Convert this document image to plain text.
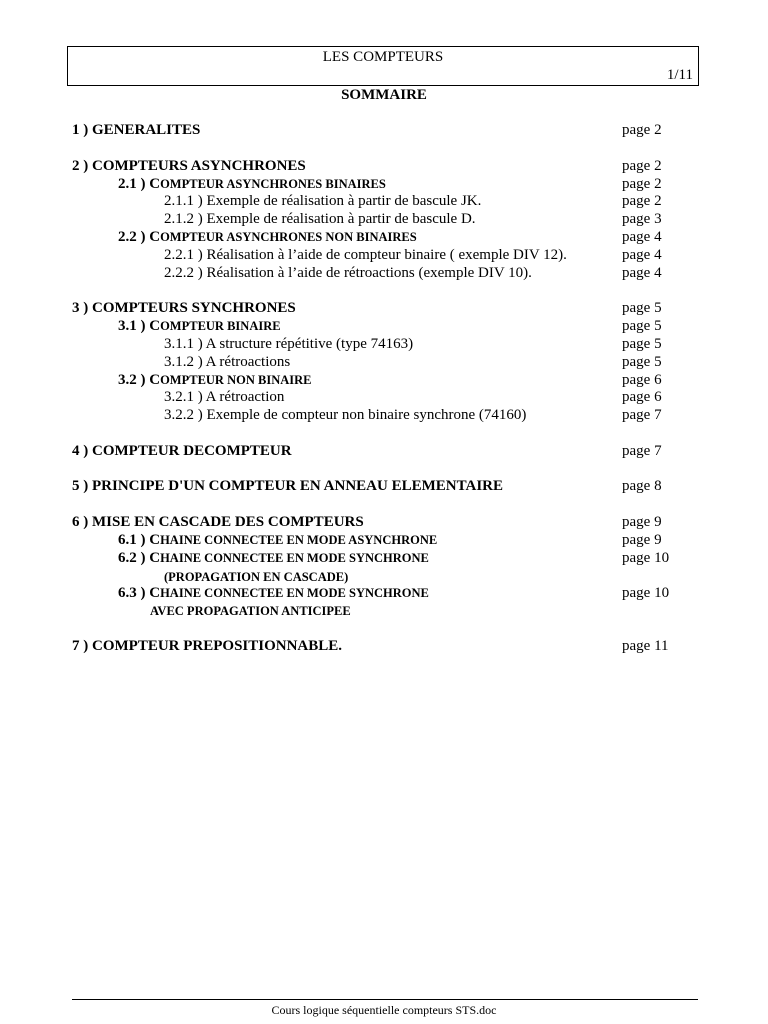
LES COMPTEURS
1/11
SOMMAIRE
1 ) GENERALITES	page 2
2 ) COMPTEURS ASYNCHRONES	page 2
2.1 ) COMPTEUR ASYNCHRONES BINAIRES	page 2
2.1.1 ) Exemple de réalisation à partir de bascule JK.	page 2
2.1.2 ) Exemple de réalisation à partir de bascule D.	page 3
2.2 ) COMPTEUR ASYNCHRONES NON BINAIRES	page 4
2.2.1 ) Réalisation à l’aide de compteur binaire ( exemple DIV 12).	page 4
2.2.2 ) Réalisation à l’aide de rétroactions (exemple DIV 10).	page 4
3 ) COMPTEURS SYNCHRONES	page 5
3.1 ) COMPTEUR BINAIRE	page 5
3.1.1 ) A structure répétitive (type 74163)	page 5
3.1.2 ) A rétroactions	page 5
3.2 ) COMPTEUR NON BINAIRE	page 6
3.2.1 ) A rétroaction	page 6
3.2.2 ) Exemple de compteur non binaire synchrone (74160)	page 7
4 ) COMPTEUR DECOMPTEUR	page 7
5 ) PRINCIPE D'UN COMPTEUR EN ANNEAU ELEMENTAIRE	page 8
6 ) MISE EN CASCADE DES COMPTEURS	page 9
6.1 ) CHAINE CONNECTEE EN MODE ASYNCHRONE	page 9
6.2 ) CHAINE CONNECTEE EN MODE SYNCHRONE	page 10
(PROPAGATION EN CASCADE)
6.3 ) CHAINE CONNECTEE EN MODE SYNCHRONE	page 10
AVEC PROPAGATION ANTICIPEE
7 ) COMPTEUR PREPOSITIONNABLE.	page 11
Cours logique séquentielle compteurs STS.doc
